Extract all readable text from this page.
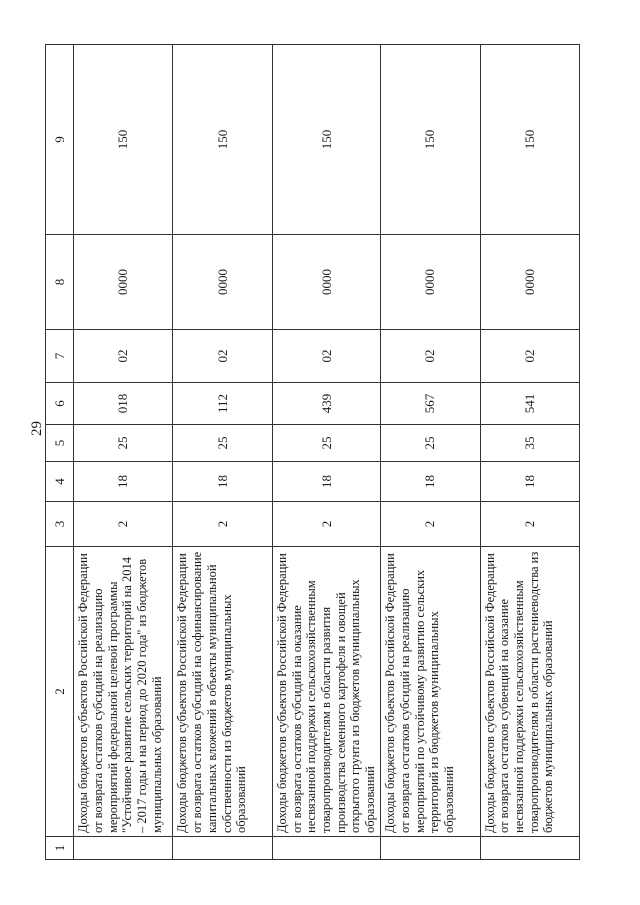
29
1	2	3	4	5	6	7	8	9
	Доходы бюджетов субъектов Российской Федерации от возврата остатков субсидий на реализацию мероприятий федеральной целевой программы "Устойчивое развитие сельских территорий на 2014 – 2017 годы и на период до 2020 года" из бюджетов муниципальных образований	2	18	25	018	02	0000	150
	Доходы бюджетов субъектов Российской Федерации от возврата остатков субсидий на софинансирование капитальных вложений в объекты муниципальной собственности из бюджетов муниципальных образований	2	18	25	112	02	0000	150
	Доходы бюджетов субъектов Российской Федерации от возврата остатков субсидий на оказание несвязанной поддержки сельскохозяйственным товаропроизводителям в области развития производства семенного картофеля и овощей открытого грунта из бюджетов муниципальных образований	2	18	25	439	02	0000	150
	Доходы бюджетов субъектов Российской Федерации от возврата остатков субсидий на реализацию мероприятий по устойчивому развитию сельских территорий из бюджетов муниципальных образований	2	18	25	567	02	0000	150
	Доходы бюджетов субъектов Российской Федерации от возврата остатков субвенций на оказание несвязанной поддержки сельскохозяйственным товаропроизводителям в области растениеводства из бюджетов муниципальных образований	2	18	35	541	02	0000	150
